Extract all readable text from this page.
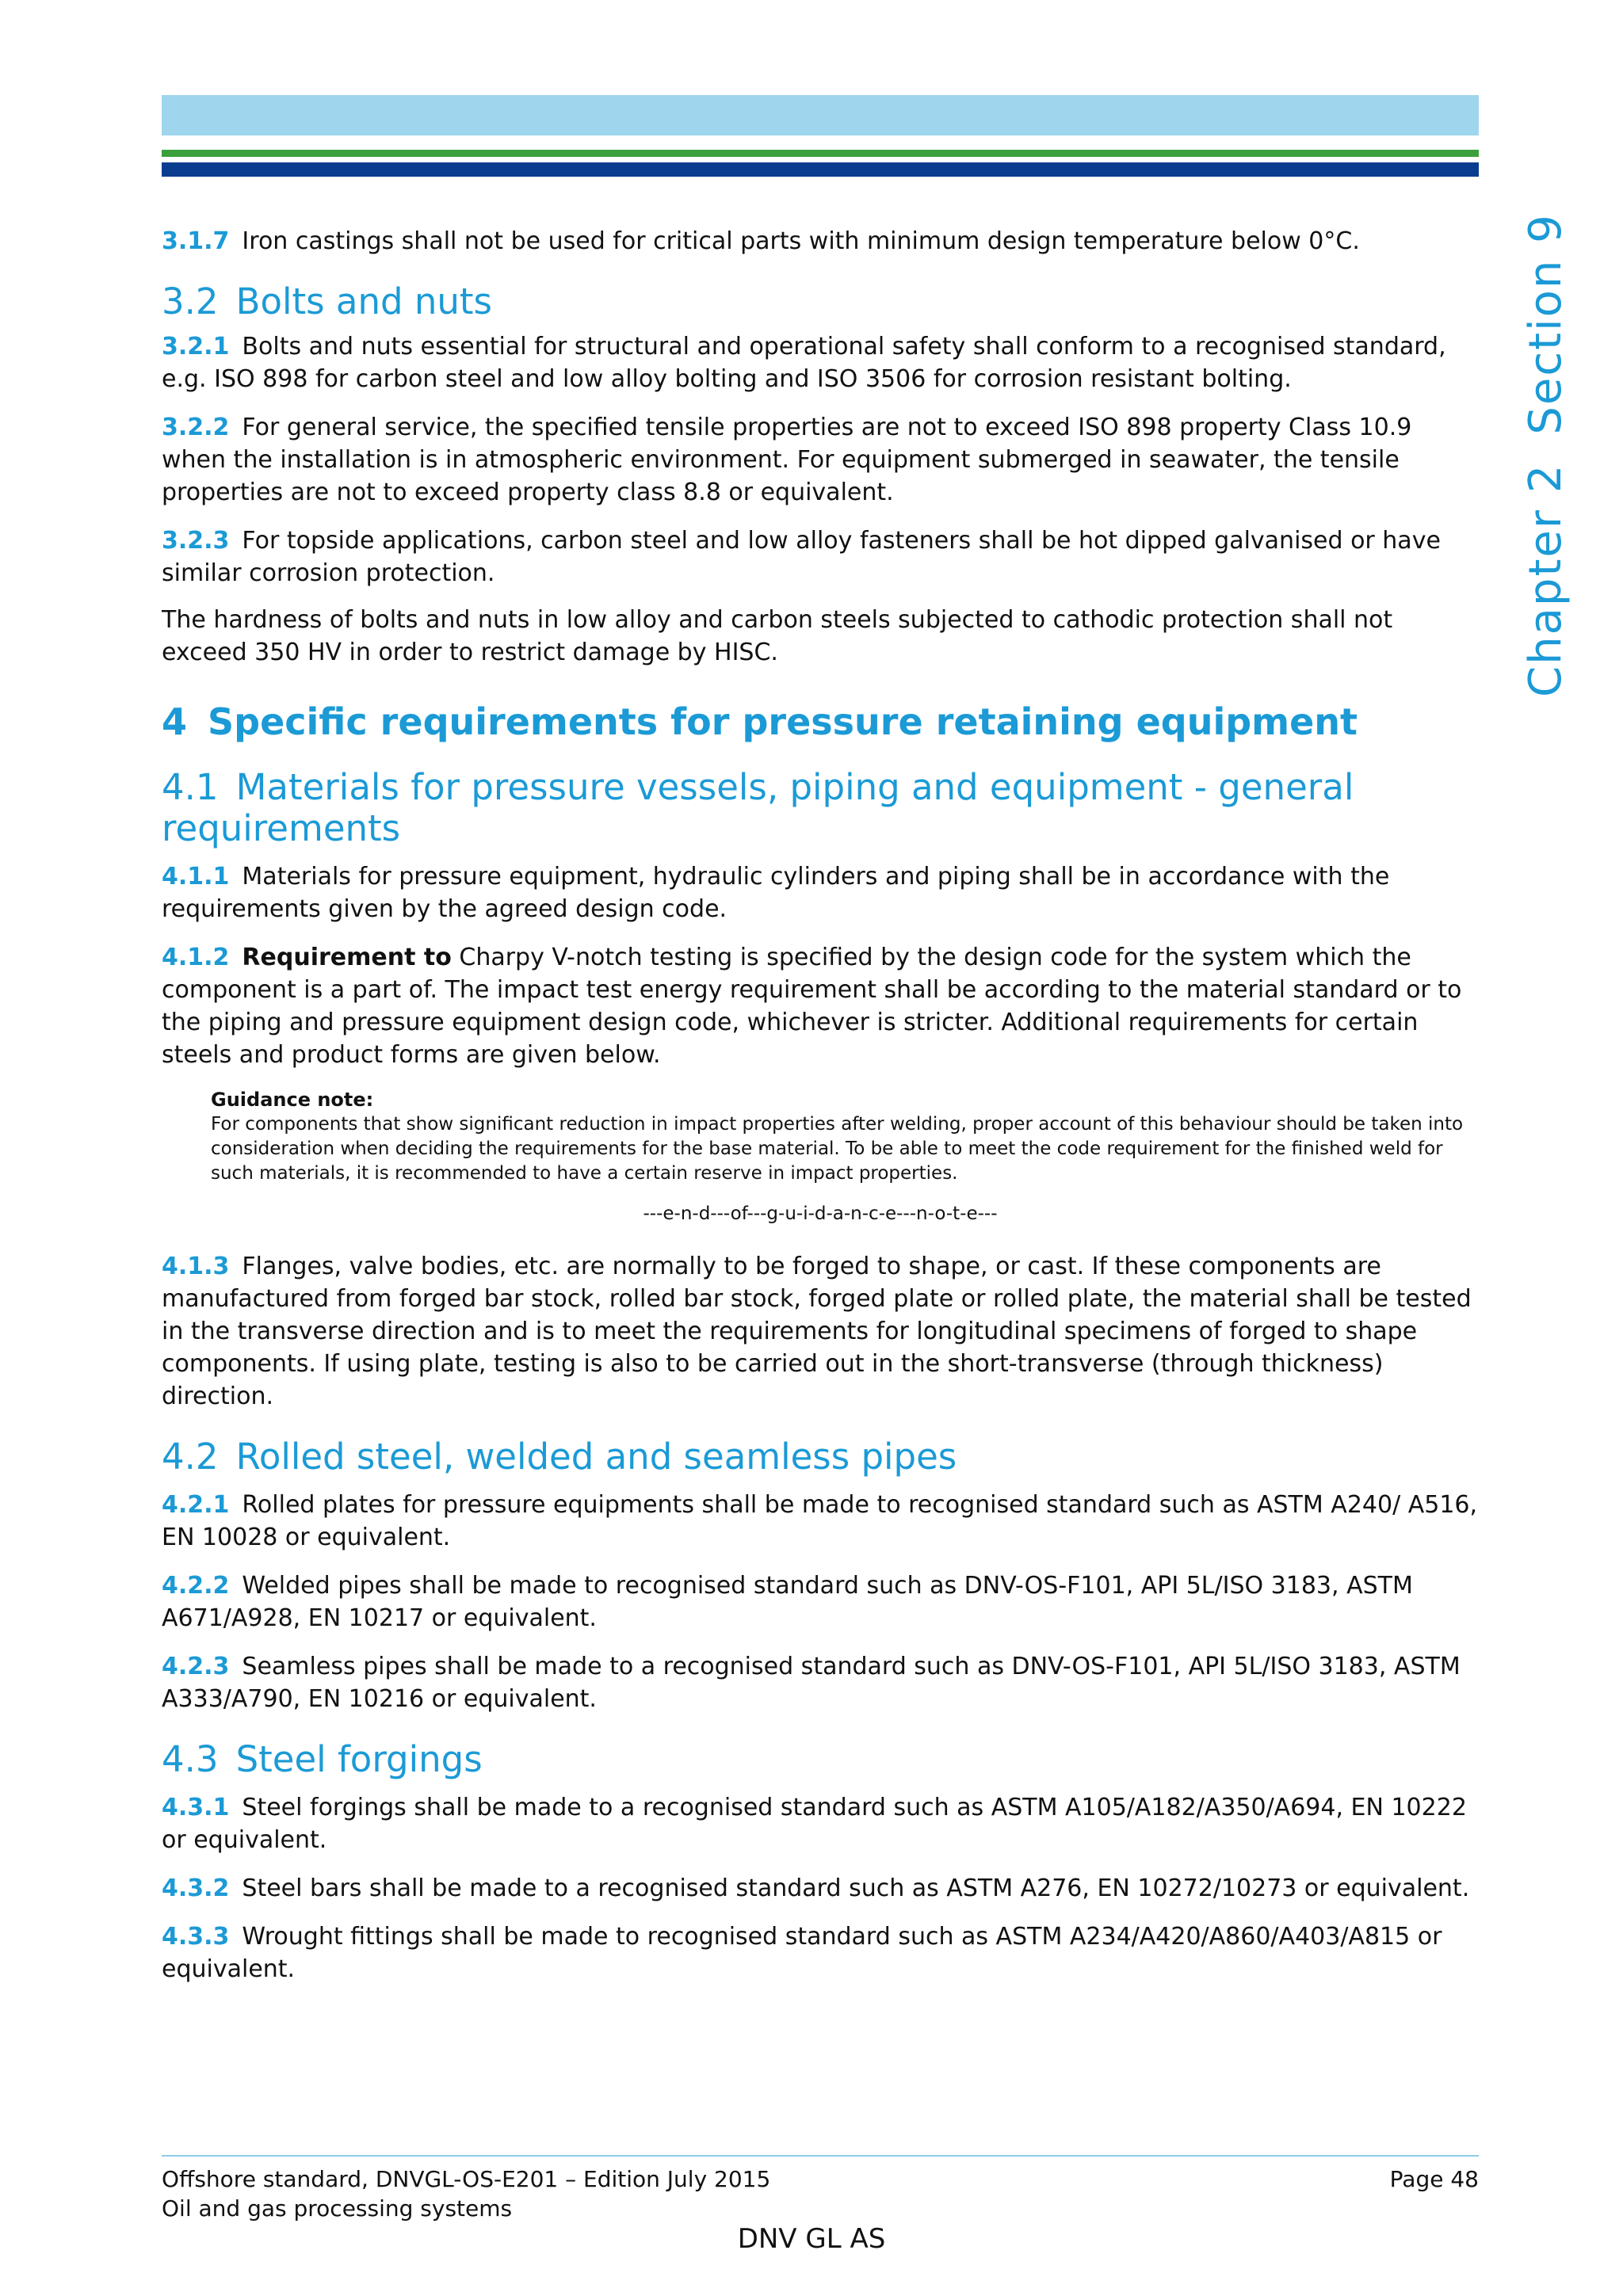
Chapter 2Section 9

3.1.7 Iron castings shall not be used for critical parts with minimum design temperature below 0°C.

3.2 Bolts and nuts

3.2.1 Bolts and nuts essential for structural and operational safety shall conform to a recognised standard, e.g. ISO 898 for carbon steel and low alloy bolting and ISO 3506 for corrosion resistant bolting.

3.2.2 For general service, the specified tensile properties are not to exceed ISO 898 property Class 10.9 when the installation is in atmospheric environment. For equipment submerged in seawater, the tensile properties are not to exceed property class 8.8 or equivalent.

3.2.3 For topside applications, carbon steel and low alloy fasteners shall be hot dipped galvanised or have similar corrosion protection.

The hardness of bolts and nuts in low alloy and carbon steels subjected to cathodic protection shall not exceed 350 HV in order to restrict damage by HISC.

4 Specific requirements for pressure retaining equipment
4.1 Materials for pressure vessels, piping and equipment - general requirements

4.1.1 Materials for pressure equipment, hydraulic cylinders and piping shall be in accordance with the requirements given by the agreed design code.

4.1.2 Requirement to Charpy V-notch testing is specified by the design code for the system which the component is a part of. The impact test energy requirement shall be according to the material standard or to the piping and pressure equipment design code, whichever is stricter. Additional requirements for certain steels and product forms are given below.

Guidance note:
For components that show significant reduction in impact properties after welding, proper account of this behaviour should be taken into consideration when deciding the requirements for the base material. To be able to meet the code requirement for the finished weld for such materials, it is recommended to have a certain reserve in impact properties.
---e-n-d---of---g-u-i-d-a-n-c-e---n-o-t-e---

4.1.3 Flanges, valve bodies, etc. are normally to be forged to shape, or cast. If these components are manufactured from forged bar stock, rolled bar stock, forged plate or rolled plate, the material shall be tested in the transverse direction and is to meet the requirements for longitudinal specimens of forged to shape components. If using plate, testing is also to be carried out in the short-transverse (through thickness) direction.

4.2 Rolled steel, welded and seamless pipes

4.2.1 Rolled plates for pressure equipments shall be made to recognised standard such as ASTM A240/ A516, EN 10028 or equivalent.

4.2.2 Welded pipes shall be made to recognised standard such as DNV-OS-F101, API 5L/ISO 3183, ASTM A671/A928, EN 10217 or equivalent.

4.2.3 Seamless pipes shall be made to a recognised standard such as DNV-OS-F101, API 5L/ISO 3183, ASTM A333/A790, EN 10216 or equivalent.

4.3 Steel forgings

4.3.1 Steel forgings shall be made to a recognised standard such as ASTM A105/A182/A350/A694, EN 10222 or equivalent.

4.3.2 Steel bars shall be made to a recognised standard such as ASTM A276, EN 10272/10273 or equivalent.

4.3.3 Wrought fittings shall be made to recognised standard such as ASTM A234/A420/A860/A403/A815 or equivalent.

Offshore standard, DNVGL-OS-E201 – Edition July 2015
Oil and gas processing systems
Page 48
DNV GL AS
